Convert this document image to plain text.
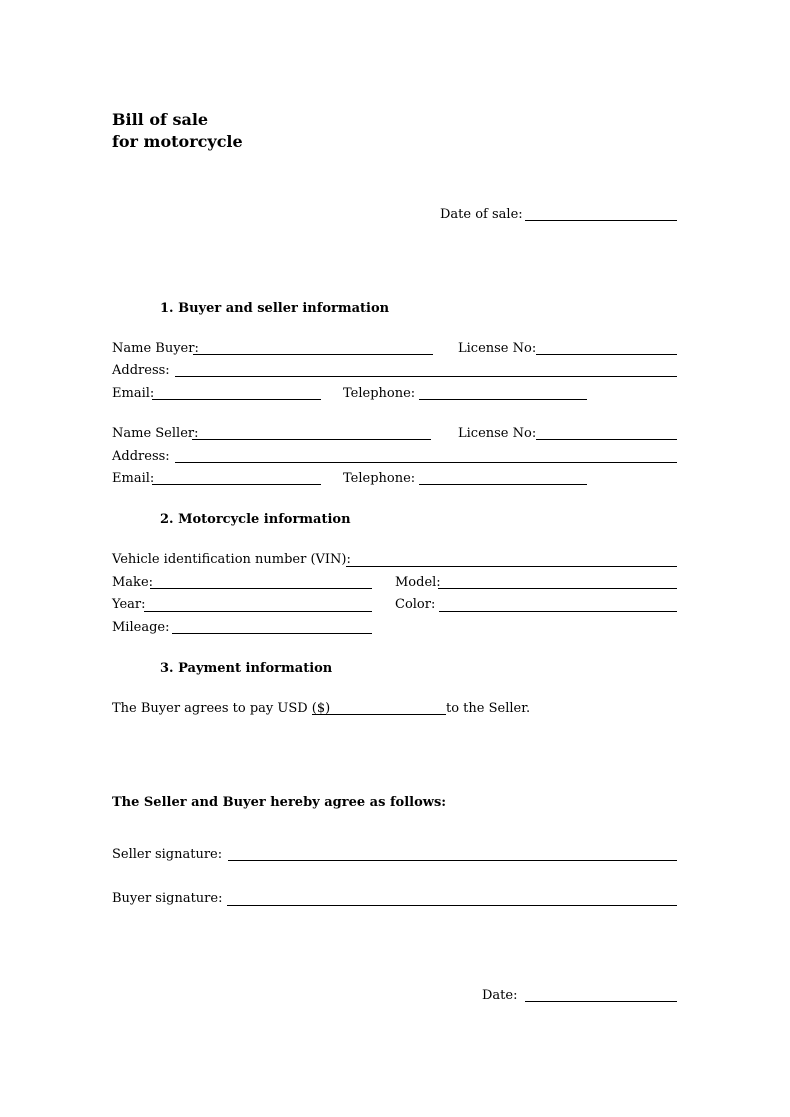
Bill of sale
for motorcycle
Date of sale:
1. Buyer and seller information
Name Buyer:	License No:
Address:
Email:	Telephone:
Name Seller:	License No:
Address:
Email:	Telephone:
2. Motorcycle information
Vehicle identification number (VIN):
Make:	Model:
Year:	Color:
Mileage:
3. Payment information
The Buyer agrees to pay USD ($)	to the Seller.
The Seller and Buyer hereby agree as follows:
Seller signature:
Buyer signature:
Date:
